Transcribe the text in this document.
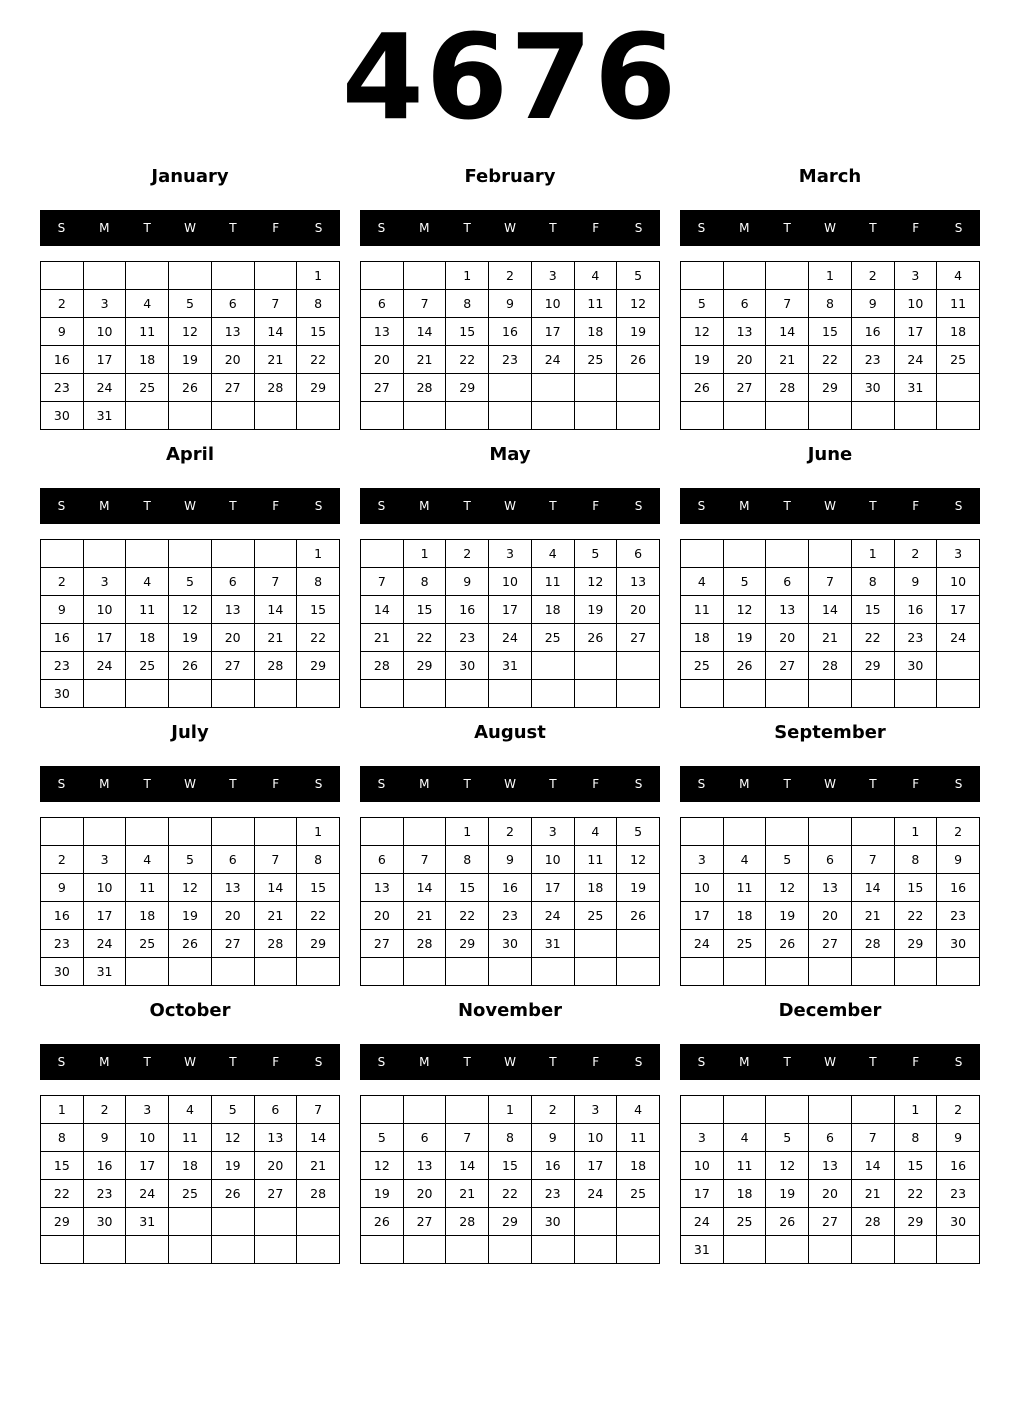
4676
January
S	M	T	W	T	F	S
						1
2	3	4	5	6	7	8
9	10	11	12	13	14	15
16	17	18	19	20	21	22
23	24	25	26	27	28	29
30	31					
February
S	M	T	W	T	F	S
		1	2	3	4	5
6	7	8	9	10	11	12
13	14	15	16	17	18	19
20	21	22	23	24	25	26
27	28	29				

March
S	M	T	W	T	F	S
			1	2	3	4
5	6	7	8	9	10	11
12	13	14	15	16	17	18
19	20	21	22	23	24	25
26	27	28	29	30	31	

April
S	M	T	W	T	F	S
						1
2	3	4	5	6	7	8
9	10	11	12	13	14	15
16	17	18	19	20	21	22
23	24	25	26	27	28	29
30						
May
S	M	T	W	T	F	S
	1	2	3	4	5	6
7	8	9	10	11	12	13
14	15	16	17	18	19	20
21	22	23	24	25	26	27
28	29	30	31			

June
S	M	T	W	T	F	S
				1	2	3
4	5	6	7	8	9	10
11	12	13	14	15	16	17
18	19	20	21	22	23	24
25	26	27	28	29	30	

July
S	M	T	W	T	F	S
						1
2	3	4	5	6	7	8
9	10	11	12	13	14	15
16	17	18	19	20	21	22
23	24	25	26	27	28	29
30	31					
August
S	M	T	W	T	F	S
		1	2	3	4	5
6	7	8	9	10	11	12
13	14	15	16	17	18	19
20	21	22	23	24	25	26
27	28	29	30	31		

September
S	M	T	W	T	F	S
					1	2
3	4	5	6	7	8	9
10	11	12	13	14	15	16
17	18	19	20	21	22	23
24	25	26	27	28	29	30

October
S	M	T	W	T	F	S
1	2	3	4	5	6	7
8	9	10	11	12	13	14
15	16	17	18	19	20	21
22	23	24	25	26	27	28
29	30	31				

November
S	M	T	W	T	F	S
			1	2	3	4
5	6	7	8	9	10	11
12	13	14	15	16	17	18
19	20	21	22	23	24	25
26	27	28	29	30		

December
S	M	T	W	T	F	S
					1	2
3	4	5	6	7	8	9
10	11	12	13	14	15	16
17	18	19	20	21	22	23
24	25	26	27	28	29	30
31						
